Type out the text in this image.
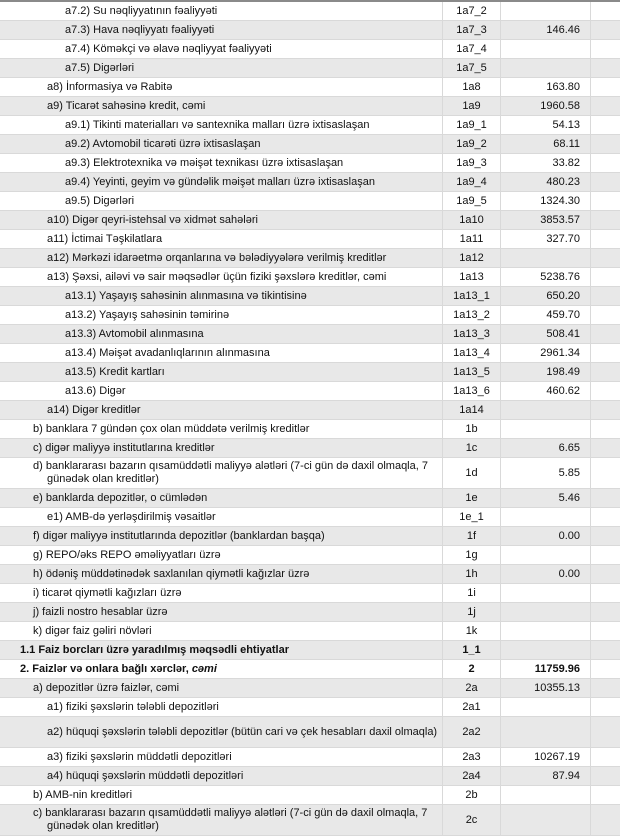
a7.2) Su nəqliyyatının fəaliyyəti	1a7_2
a7.3) Hava nəqliyyatı fəaliyyəti	1a7_3	146.46
a7.4) Köməkçi və əlavə nəqliyyat fəaliyyəti	1a7_4
a7.5) Digərləri	1a7_5
a8) İnformasiya və Rabitə	1a8	163.80
a9) Ticarət sahəsinə kredit, cəmi	1a9	1960.58
a9.1) Tikinti materialları və santexnika malları üzrə ixtisaslaşan	1a9_1	54.13
a9.2) Avtomobil ticarəti üzrə ixtisaslaşan	1a9_2	68.11
a9.3) Elektrotexnika və məişət texnikası üzrə ixtisaslaşan	1a9_3	33.82
a9.4) Yeyinti, geyim və gündəlik məişət malları üzrə ixtisaslaşan	1a9_4	480.23
a9.5) Digərləri	1a9_5	1324.30
a10) Digər qeyri-istehsal və xidmət sahələri	1a10	3853.57
a11) İctimai Təşkilatlara	1a11	327.70
a12) Mərkəzi idarəetmə orqanlarına və bələdiyyələrə verilmiş kreditlər	1a12
a13) Şəxsi, ailəvi və sair məqsədlər üçün fiziki şəxslərə kreditlər, cəmi	1a13	5238.76
a13.1) Yaşayış sahəsinin alınmasına və tikintisinə	1a13_1	650.20
a13.2) Yaşayış sahəsinin təmirinə	1a13_2	459.70
a13.3) Avtomobil alınmasına	1a13_3	508.41
a13.4) Məişət avadanlıqlarının alınmasına	1a13_4	2961.34
a13.5) Kredit kartları	1a13_5	198.49
a13.6) Digər	1a13_6	460.62
a14) Digər kreditlər	1a14
b) banklara 7 gündən çox olan müddətə verilmiş kreditlər	1b
c) digər maliyyə institutlarına kreditlər	1c	6.65
d) banklararası bazarın qısamüddətli maliyyə alətləri (7-ci gün də daxil olmaqla, 7 günədək olan kreditlər)	1d	5.85
e) banklarda depozitlər, o cümlədən	1e	5.46
e1) AMB-də yerləşdirilmiş vəsaitlər	1e_1
f) digər maliyyə institutlarında depozitlər (banklardan başqa)	1f	0.00
g) REPO/əks REPO əməliyyatları üzrə	1g
h) ödəniş müddətinədək saxlanılan qiymətli kağızlar üzrə	1h	0.00
i) ticarət qiymətli kağızları üzrə	1i
j) faizli nostro hesablar üzrə	1j
k) digər faiz gəliri növləri	1k
1.1 Faiz borcları üzrə yaradılmış məqsədli ehtiyatlar	1_1
2. Faizlər və onlara bağlı xərclər, cəmi	2	11759.96
a) depozitlər üzrə faizlər, cəmi	2a	10355.13
a1) fiziki şəxslərin tələbli depozitləri	2a1
a2) hüquqi şəxslərin tələbli depozitlər (bütün cari və çek hesabları daxil olmaqla)	2a2
a3) fiziki şəxslərin müddətli depozitləri	2a3	10267.19
a4) hüquqi şəxslərin müddətli depozitləri	2a4	87.94
b) AMB-nin kreditləri	2b
c) banklararası bazarın qısamüddətli maliyyə alətləri (7-ci gün də daxil olmaqla, 7 günədək olan kreditlər)	2c
